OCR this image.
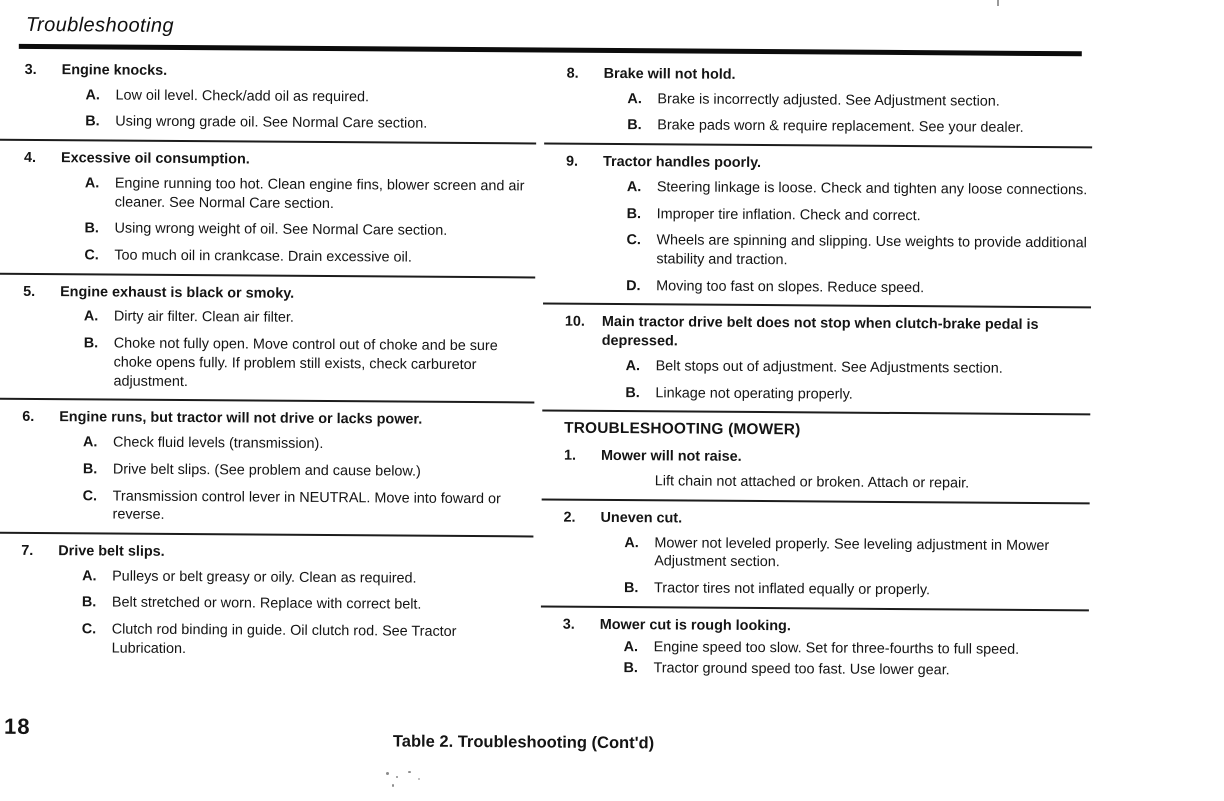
Troubleshooting
3.	Engine knocks.
A.	Low oil level. Check/add oil as required.
B.	Using wrong grade oil. See Normal Care section.
4.	Excessive oil consumption.
A.	Engine running too hot. Clean engine fins, blower screen and air cleaner. See Normal Care section.
B.	Using wrong weight of oil. See Normal Care section.
C.	Too much oil in crankcase. Drain excessive oil.
5.	Engine exhaust is black or smoky.
A.	Dirty air filter. Clean air filter.
B.	Choke not fully open. Move control out of choke and be sure choke opens fully. If problem still exists, check carburetor adjustment.
6.	Engine runs, but tractor will not drive or lacks power.
A.	Check fluid levels (transmission).
B.	Drive belt slips. (See problem and cause below.)
C.	Transmission control lever in NEUTRAL. Move into foward or reverse.
7.	Drive belt slips.
A.	Pulleys or belt greasy or oily. Clean as required.
B.	Belt stretched or worn. Replace with correct belt.
C.	Clutch rod binding in guide. Oil clutch rod. See Tractor Lubrication.
8.	Brake will not hold.
A.	Brake is incorrectly adjusted. See Adjustment section.
B.	Brake pads worn & require replacement. See your dealer.
9.	Tractor handles poorly.
A.	Steering linkage is loose. Check and tighten any loose connections.
B.	Improper tire inflation. Check and correct.
C.	Wheels are spinning and slipping. Use weights to provide additional stability and traction.
D.	Moving too fast on slopes. Reduce speed.
10.	Main tractor drive belt does not stop when clutch-brake pedal is depressed.
A.	Belt stops out of adjustment. See Adjustments section.
B.	Linkage not operating properly.
TROUBLESHOOTING (MOWER)
1.	Mower will not raise.
Lift chain not attached or broken. Attach or repair.
2.	Uneven cut.
A.	Mower not leveled properly. See leveling adjustment in Mower Adjustment section.
B.	Tractor tires not inflated equally or properly.
3.	Mower cut is rough looking.
A.	Engine speed too slow. Set for three-fourths to full speed.
B.	Tractor ground speed too fast. Use lower gear.
18
Table 2. Troubleshooting (Cont'd)
